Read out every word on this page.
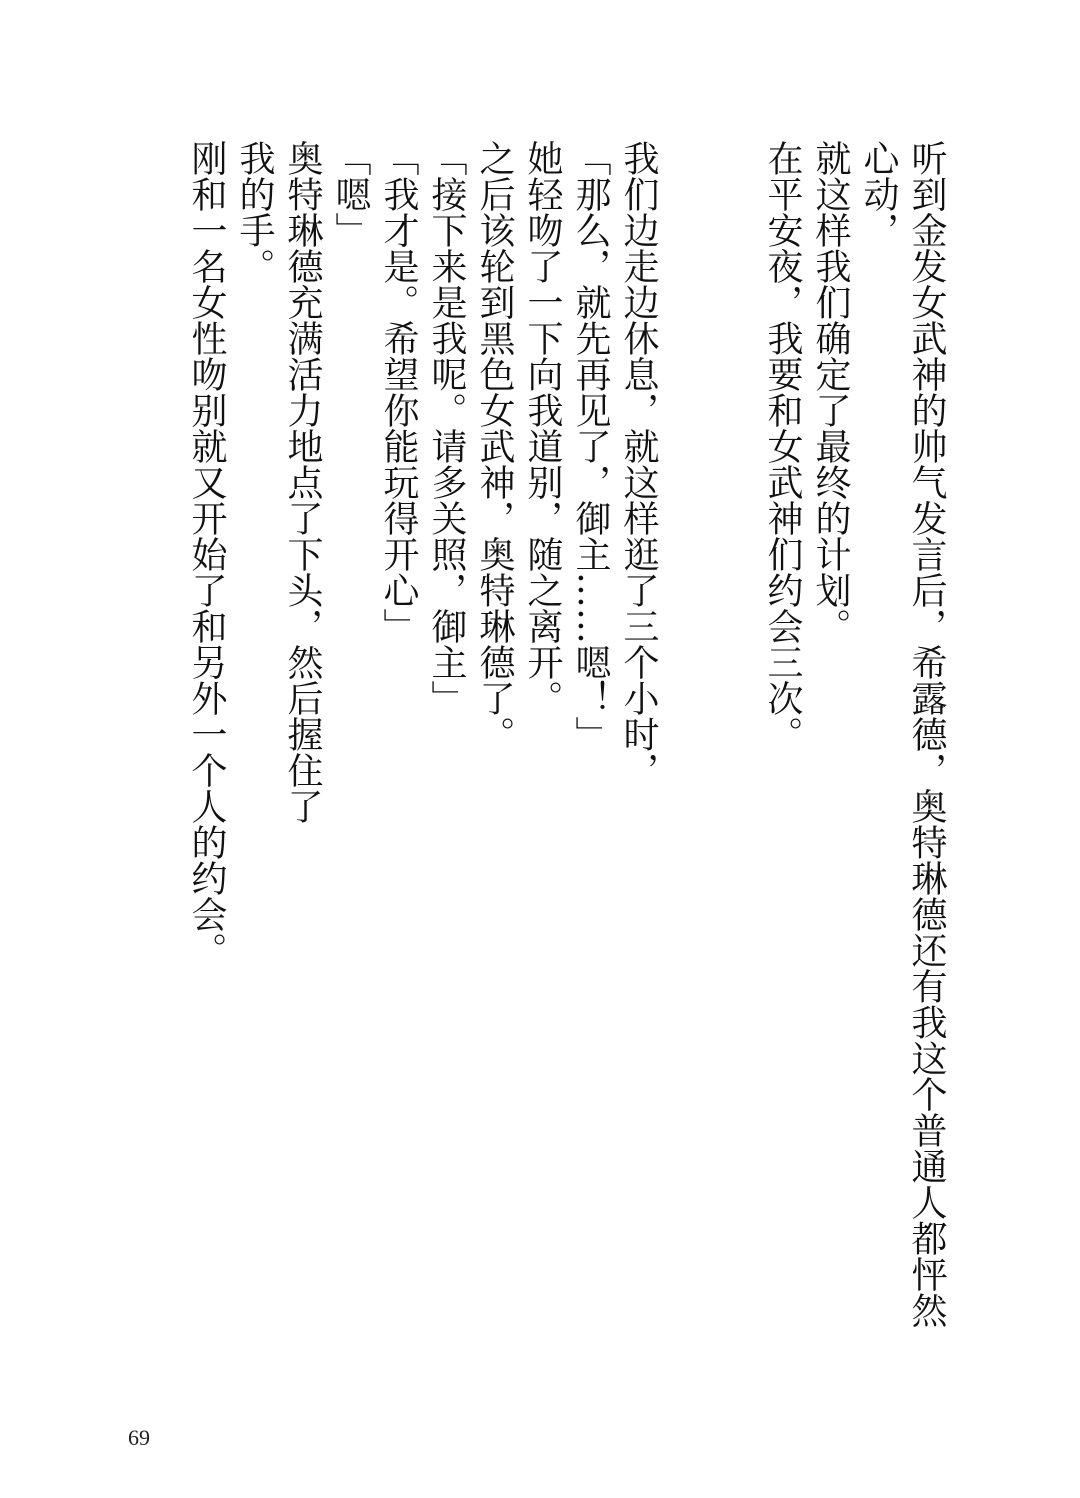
听到金发女武神的帅气发言后，希露德，奥特琳德还有我这个普通人都怦然心动，

就这样我们确定了最终的计划。

在平安夜，我要和女武神们约会三次。

我们边走边休息，就这样逛了三个小时，

「那么，就先再见了，御主……嗯！」

她轻吻了一下向我道别，随之离开。

之后该轮到黑色女武神，奥特琳德了。

「接下来是我呢。请多关照，御主」

「我才是。希望你能玩得开心」

「嗯」

奥特琳德充满活力地点了下头，然后握住了

我的手。

刚和一名女性吻别就又开始了和另外一个人的约会。

69
